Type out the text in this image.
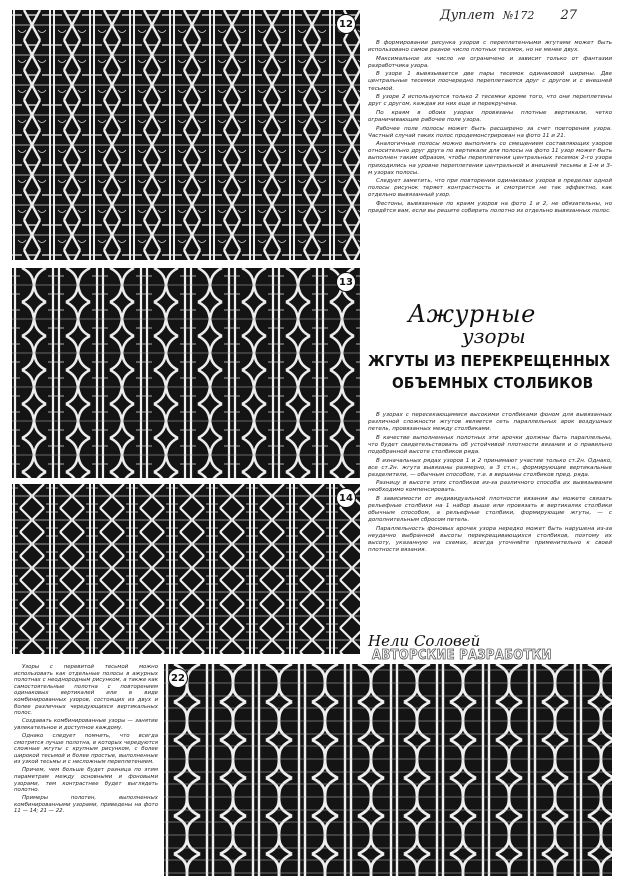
Дуплет №172 27
12
13
14
22

В формировании рисунка узоров с переплетенными жгутами может быть использовано самое разное число плотных тесемок, но не менее двух.

Максимальное их число не ограничено и зависит только от фантазии разработчика узора.

В узоре 1 вывязывается две пары тесемок одинаковой ширины. Две центральные тесемки поочередно переплетаются друг с другом и с внешней тесьмой.

В узоре 2 используются только 2 тесемки кроме того, что они переплетены друг с другом, каждая из них еще и перекручена.

По краям в обоих узорах провязаны плотные вертикали, четко ограничивающие рабочее поле узора.

Рабочее поле полосы может быть расширено за счет повторения узора. Частный случай таких полос продемонстрирован на фото 11 и 21.

Аналогичные полосы можно выполнять со смещением составляющих узоров относительно друг друга по вертикали для полосы на фото 11 узор может быть выполнен таким образом, чтобы переплетения центральных тесемок 2-го узора приходились на уровне переплетения центральной и внешней тесьмы в 1-м и 3-м узорах полосы.

Следует заметить, что при повторении одинаковых узоров в пределах одной полосы рисунок теряет контрастность и смотрится не так эффектно, как отдельно вывязанный узор.

Фестоны, вывязанные по краям узоров на фото 1 и 2, не обязательны, но придётся вам, если вы решите собирать полотно из отдельно вывязанных полос.

Ажурные
узоры
ЖГУТЫ ИЗ ПЕРЕКРЕЩЕННЫХ
ОБЪЕМНЫХ СТОЛБИКОВ

В узорах с пересекающимися высокими столбиками фоном для вывязанных различной сложности жгутов является сеть параллельных арок воздушных петель, провязанных между столбиками.

В качестве выполненных полотных эти арочки должны быть параллельны, что будет свидетельствовать об устойчивой плотности вязания и о правильно подобранной высоте столбиков ряда.

В изначальных рядах узоров 1 и 2 принимают участие только ст.2н. Однако, все ст.2н. жгута вывязаны размерно, а 3 ст.н., формирующие вертикальные разделители, — обычным способом, т.е. в вершины столбиков пред. ряда.

Разницу в высоте этих столбиков из-за различного способа их вывязывания необходимо компенсировать.

В зависимости от индивидуальной плотности вязания вы можете связать рельефные столбики на 1 набор выше или провязать в вертикалях столбики обычным способом, а рельефные столбики, формирующие жгуты, — с дополнительным сбросом петель.

Параллельность фоновых арочек узора нередко может быть нарушена из-за неудачно выбранной высоты перекрещивающихся столбиков, поэтому их высоту, указанную на схемах, всегда уточняйте применительно к своей плотности вязания.

Нели Соловей
АВТОРСКИЕ РАЗРАБОТКИ

Узоры с перевитой тесьмой можно использовать как отдельные полосы в ажурных полотнах с неоднородным рисунком, а также как самостоятельные полотна с повторением одинаковых вертикалей или в виде комбинированных узоров, состоящих из двух и более различных чередующихся вертикальных полос.

Создавать комбинированные узоры — занятие увлекательное и доступное каждому.

Однако следует помнить, что всегда смотрятся лучше полотна, в которых чередуются сложные жгуты с крупным рисунком, с более широкой тесьмой и более простые, выполненные из узкой тесьмы и с несложным переплетением.

Причем, чем больше будет разница по этим параметрам между основными и фоновыми узорами, тем контрастнее будет выглядеть полотно.

Примеры полотен, выполненных комбинированными узорами, приведены на фото 11 — 14; 21 — 22.
